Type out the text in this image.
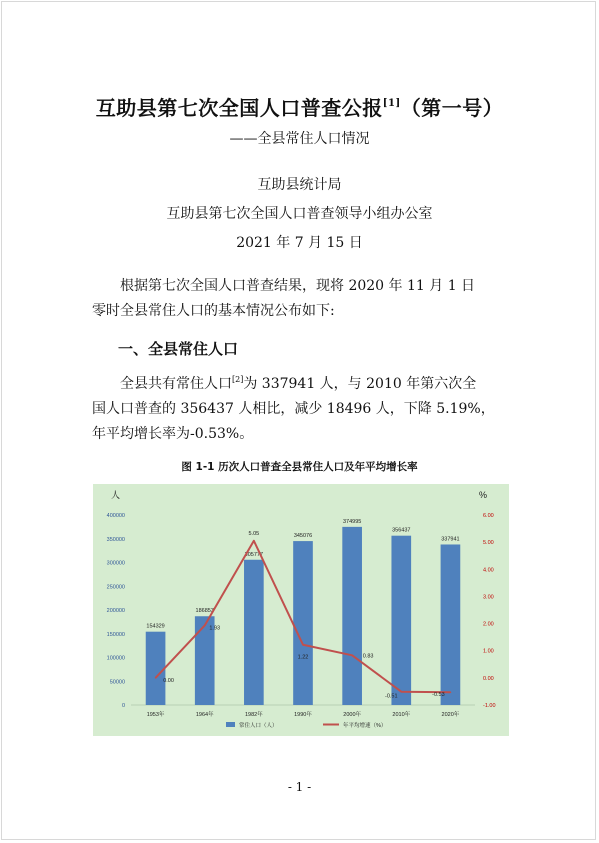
互助县第七次全国人口普查公报[1]（第一号）
——全县常住人口情况
互助县统计局
互助县第七次全国人口普查领导小组办公室
2021 年 7 月 15 日
根据第七次全国人口普查结果，现将 2020 年 11 月 1 日
零时全县常住人口的基本情况公布如下:
一、全县常住人口
全县共有常住人口[2]为 337941 人，与 2010 年第六次全
国人口普查的 356437 人相比，减少 18496 人，下降 5.19%，
年平均增长率为-0.53%。
图 1-1 历次人口普查全县常住人口及年平均增长率
人	%
0
50000
100000
150000
200000
250000
300000
350000
400000
-1.00
0.00
1.00
2.00
3.00
4.00
5.00
6.00
154329
186853
305777
345076
374995
356437
337941
0.00
1.93
5.05
1.22	0.83
-0.51	-0.53
1953年	1964年	1982年	1990年	2000年	2010年	2020年
常住人口（人）	年平均增速（%）
- 1 -
